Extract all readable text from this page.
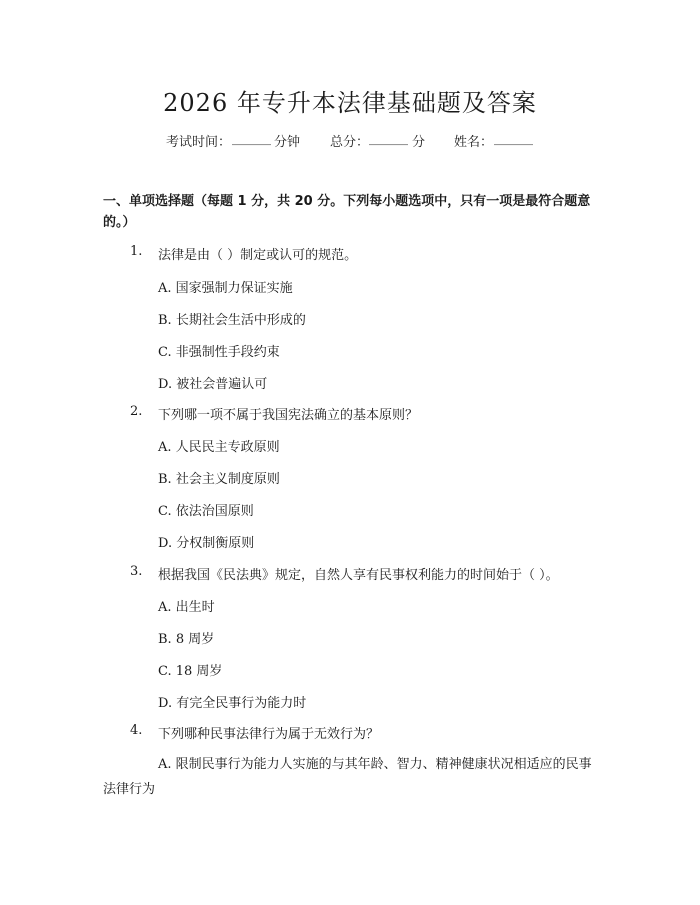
2026 年专升本法律基础题及答案
考试时间： ______ 分钟 总分： ______ 分 姓名： ______

一、单项选择题（每题 1 分，共 20 分。下列每小题选项中，只有一项是最符合题意的。）

1. 法律是由（ ）制定或认可的规范。
A. 国家强制力保证实施
B. 长期社会生活中形成的
C. 非强制性手段约束
D. 被社会普遍认可
2. 下列哪一项不属于我国宪法确立的基本原则？
A. 人民民主专政原则
B. 社会主义制度原则
C. 依法治国原则
D. 分权制衡原则
3. 根据我国《民法典》规定，自然人享有民事权利能力的时间始于（ ）。
A. 出生时
B. 8 周岁
C. 18 周岁
D. 有完全民事行为能力时
4. 下列哪种民事法律行为属于无效行为？
A. 限制民事行为能力人实施的与其年龄、智力、精神健康状况相适应的民事法律行为
